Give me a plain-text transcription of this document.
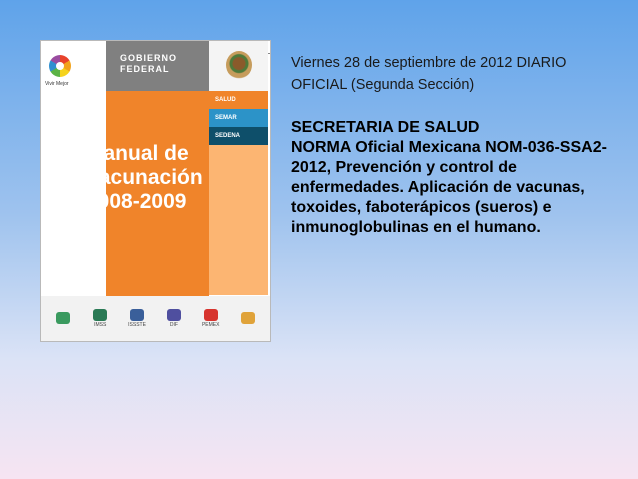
Vivir Mejor
GOBIERNO FEDERAL
Manual de
Vacunación
2008-2009
SALUD
SEMAR
SEDENA
IMSS	ISSSTE	DIF	PEMEX
Viernes 28 de septiembre de 2012 DIARIO OFICIAL (Segunda Sección)
SECRETARIA DE SALUD
NORMA Oficial Mexicana NOM-036-SSA2-2012, Prevención y control de enfermedades. Aplicación de vacunas, toxoides, faboterápicos (sueros) e inmunoglobulinas en el humano.
